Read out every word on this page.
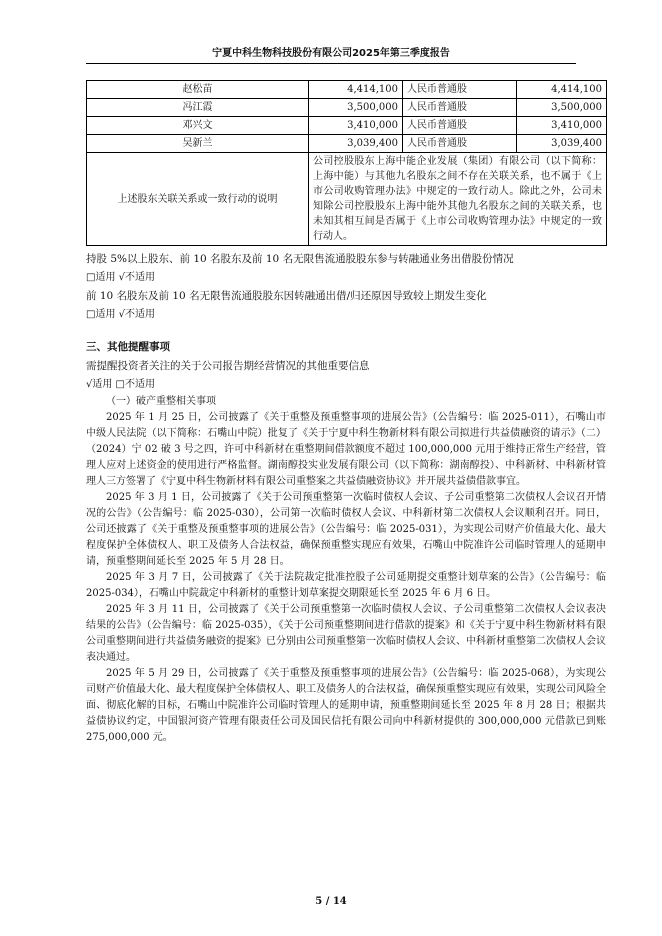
宁夏中科生物科技股份有限公司2025年第三季度报告
赵松苗	4,414,100	人民币普通股	4,414,100
冯江霞	3,500,000	人民币普通股	3,500,000
邓兴文	3,410,000	人民币普通股	3,410,000
吴新兰	3,039,400	人民币普通股	3,039,400
上述股东关联关系或一致行动的说明	公司控股股东上海中能企业发展（集团）有限公司（以下简称：上海中能）与其他九名股东之间不存在关联关系，也不属于《上市公司收购管理办法》中规定的一致行动人。除此之外，公司未知除公司控股股东上海中能外其他九名股东之间的关联关系，也未知其相互间是否属于《上市公司收购管理办法》中规定的一致行动人。		

持股 5%以上股东、前 10 名股东及前 10 名无限售流通股股东参与转融通业务出借股份情况

□适用 √不适用

前 10 名股东及前 10 名无限售流通股股东因转融通出借/归还原因导致较上期发生变化

□适用 √不适用

三、其他提醒事项

需提醒投资者关注的关于公司报告期经营情况的其他重要信息

√适用 □不适用

（一）破产重整相关事项

2025 年 1 月 25 日，公司披露了《关于重整及预重整事项的进展公告》（公告编号：临 2025-011），石嘴山市中级人民法院（以下简称：石嘴山中院）批复了《关于宁夏中科生物新材料有限公司拟进行共益债融资的请示》（二）（2024）宁 02 破 3 号之四，许可中科新材在重整期间借款额度不超过 100,000,000 元用于维持正常生产经营，管理人应对上述资金的使用进行严格监督。湖南醇投实业发展有限公司（以下简称：湖南醇投）、中科新材、中科新材管理人三方签署了《宁夏中科生物新材料有限公司重整案之共益债融资协议》并开展共益债借款事宜。

2025 年 3 月 1 日，公司披露了《关于公司预重整第一次临时债权人会议、子公司重整第二次债权人会议召开情况的公告》（公告编号：临 2025-030），公司第一次临时债权人会议、中科新材第二次债权人会议顺利召开。同日，公司还披露了《关于重整及预重整事项的进展公告》（公告编号：临 2025-031），为实现公司财产价值最大化、最大程度保护全体债权人、职工及债务人合法权益，确保预重整实现应有效果，石嘴山中院准许公司临时管理人的延期申请，预重整期间延长至 2025 年 5 月 28 日。

2025 年 3 月 7 日，公司披露了《关于法院裁定批准控股子公司延期提交重整计划草案的公告》（公告编号：临 2025-034），石嘴山中院裁定中科新材的重整计划草案提交期限延长至 2025 年 6 月 6 日。

2025 年 3 月 11 日，公司披露了《关于公司预重整第一次临时债权人会议、子公司重整第二次债权人会议表决结果的公告》（公告编号：临 2025-035），《关于公司预重整期间进行借款的提案》和《关于宁夏中科生物新材料有限公司重整期间进行共益债务融资的提案》已分别由公司预重整第一次临时债权人会议、中科新材重整第二次债权人会议表决通过。

2025 年 5 月 29 日，公司披露了《关于重整及预重整事项的进展公告》（公告编号：临 2025-068），为实现公司财产价值最大化、最大程度保护全体债权人、职工及债务人的合法权益，确保预重整实现应有效果，实现公司风险全面、彻底化解的目标，石嘴山中院准许公司临时管理人的延期申请，预重整期间延长至 2025 年 8 月 28 日；根据共益债协议约定，中国银河资产管理有限责任公司及国民信托有限公司向中科新材提供的 300,000,000 元借款已到账 275,000,000 元。

5 / 14
